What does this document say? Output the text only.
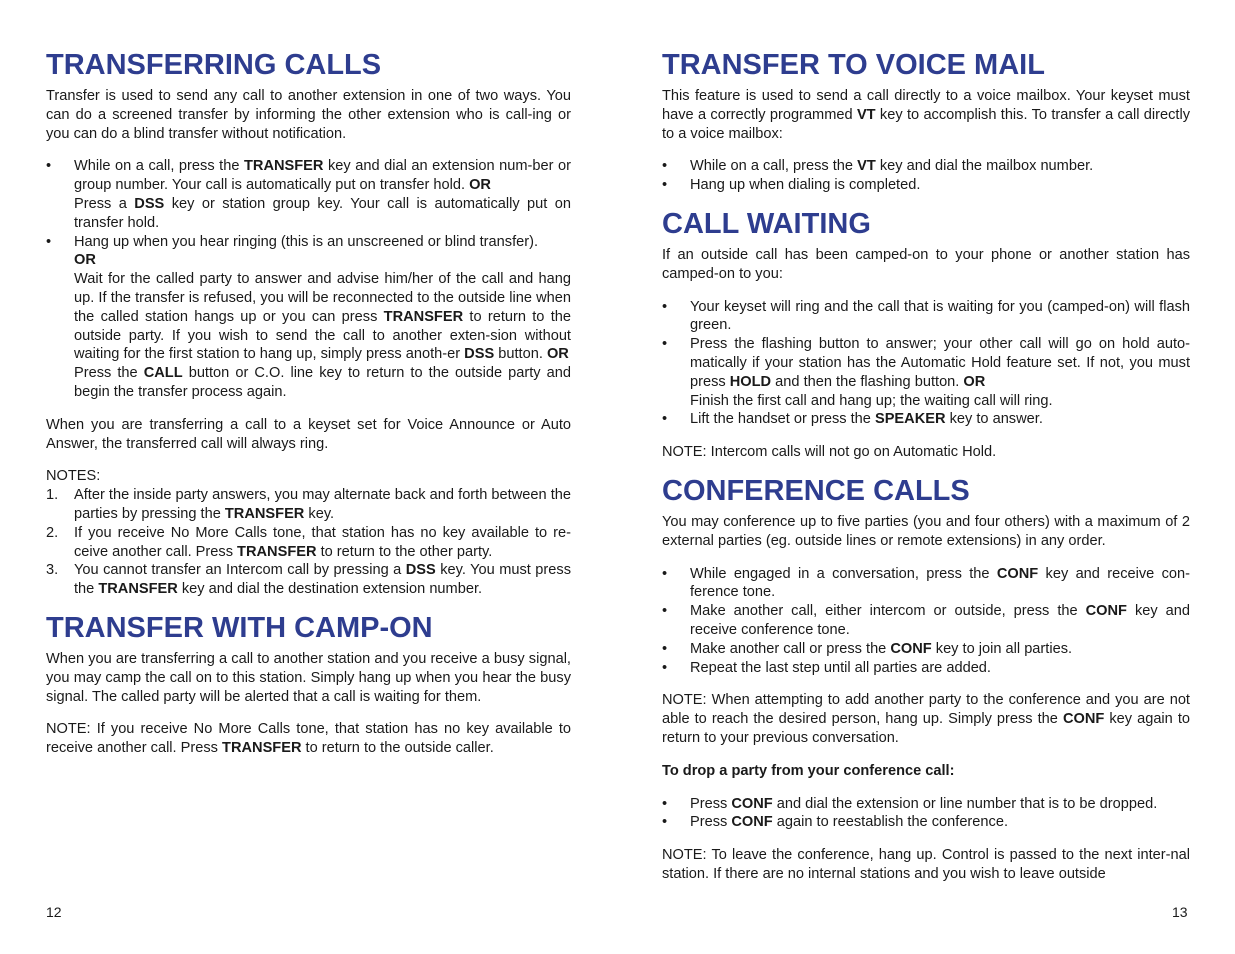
TRANSFERRING CALLS

Transfer is used to send any call to another extension in one of two ways. You can do a screened transfer by informing the other extension who is call-ing or you can do a blind transfer without notification.

•	While on a call, press the TRANSFER key and dial an extension num-ber or group number. Your call is automatically put on transfer hold. OR
Press a DSS key or station group key. Your call is automatically put on transfer hold.
•	Hang up when you hear ringing (this is an unscreened or blind transfer).
OR
Wait for the called party to answer and advise him/her of the call and hang up. If the transfer is refused, you will be reconnected to the outside line when the called station hangs up or you can press TRANSFER to return to the outside party. If you wish to send the call to another exten-sion without waiting for the first station to hang up, simply press anoth-er DSS button. OR
Press the CALL button or C.O. line key to return to the outside party and begin the transfer process again.

When you are transferring a call to a keyset set for Voice Announce or Auto Answer, the transferred call will always ring.

NOTES:

1.	After the inside party answers, you may alternate back and forth between the parties by pressing the TRANSFER key.
2.	If you receive No More Calls tone, that station has no key available to re-ceive another call. Press TRANSFER to return to the other party.
3.	You cannot transfer an Intercom call by pressing a DSS key. You must press the TRANSFER key and dial the destination extension number.
TRANSFER WITH CAMP-ON

When you are transferring a call to another station and you receive a busy signal, you may camp the call on to this station. Simply hang up when you hear the busy signal. The called party will be alerted that a call is waiting for them.

NOTE: If you receive No More Calls tone, that station has no key available to receive another call. Press TRANSFER to return to the outside caller.

12
TRANSFER TO VOICE MAIL

This feature is used to send a call directly to a voice mailbox. Your keyset must have a correctly programmed VT key to accomplish this. To transfer a call directly to a voice mailbox:

•	While on a call, press the VT key and dial the mailbox number.
•	Hang up when dialing is completed.
CALL WAITING

If an outside call has been camped-on to your phone or another station has camped-on to you:

•	Your keyset will ring and the call that is waiting for you (camped-on) will flash green.
•	Press the flashing button to answer; your other call will go on hold auto-matically if your station has the Automatic Hold feature set. If not, you must press HOLD and then the flashing button. OR
Finish the first call and hang up; the waiting call will ring.
•	Lift the handset or press the SPEAKER key to answer.

NOTE: Intercom calls will not go on Automatic Hold.

CONFERENCE CALLS

You may conference up to five parties (you and four others) with a maximum of 2 external parties (eg. outside lines or remote extensions) in any order.

•	While engaged in a conversation, press the CONF key and receive con-ference tone.
•	Make another call, either intercom or outside, press the CONF key and receive conference tone.
•	Make another call or press the CONF key to join all parties.
•	Repeat the last step until all parties are added.

NOTE: When attempting to add another party to the conference and you are not able to reach the desired person, hang up. Simply press the CONF key again to return to your previous conversation.

To drop a party from your conference call:

•	Press CONF and dial the extension or line number that is to be dropped.
•	Press CONF again to reestablish the conference.

NOTE: To leave the conference, hang up. Control is passed to the next inter-nal station. If there are no internal stations and you wish to leave outside

13
